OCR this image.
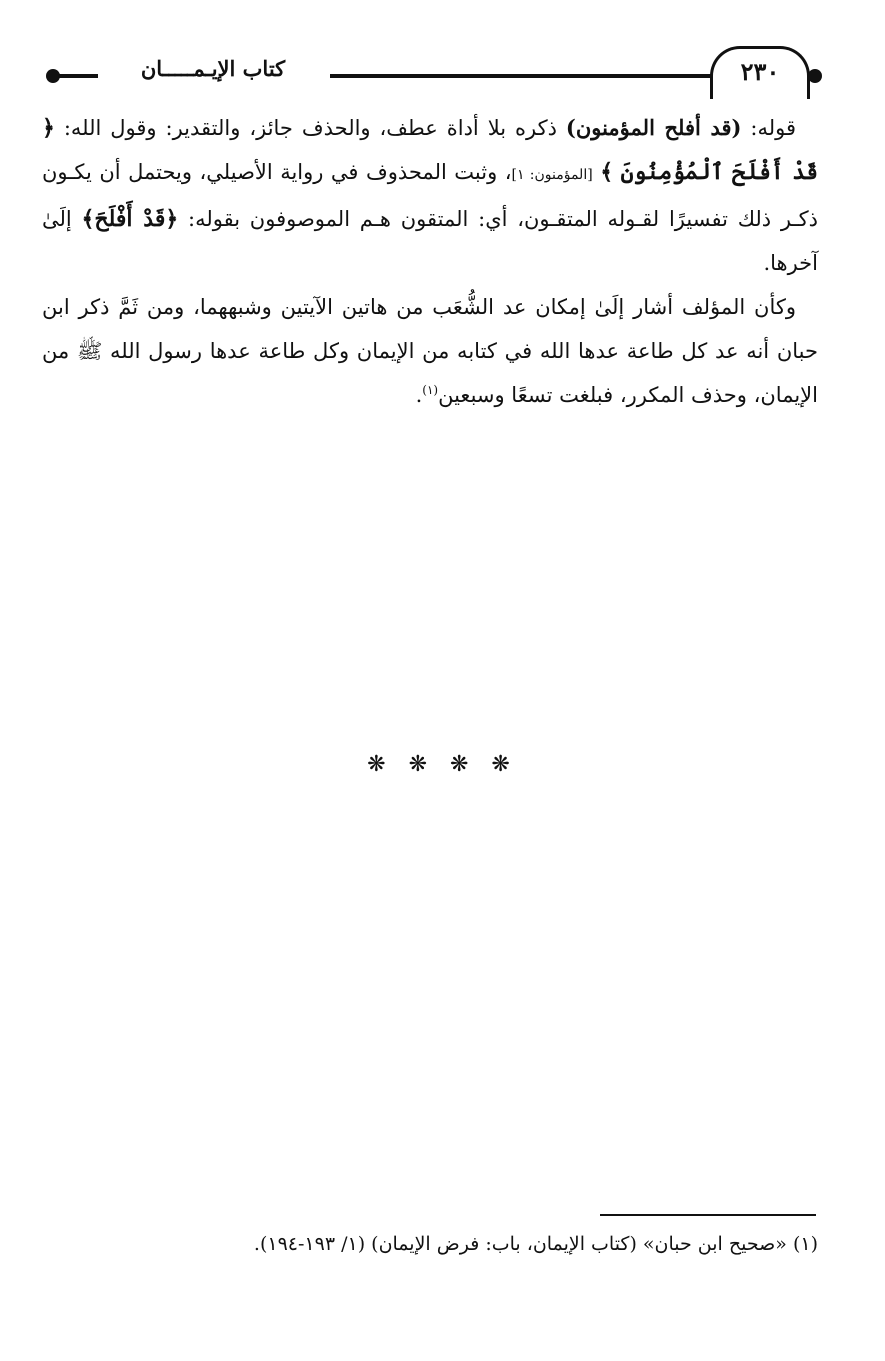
كتاب الإيـمـــــان	٢٣٠

قوله: (قد أفلح المؤمنون) ذكره بلا أداة عطف، والحذف جائز، والتقدير: وقول الله: ﴿ قَدْ أَفْلَحَ ٱلْمُؤْمِنُونَ ﴾ [المؤمنون: ١]، وثبت المحذوف في رواية الأصيلي، ويحتمل أن يكـون ذكـر ذلك تفسيرًا لقـوله المتقـون، أي: المتقون هـم الموصوفون بقوله: ﴿قَدْ أَفْلَحَ﴾ إلَىٰ آخرها.

وكأن المؤلف أشار إلَىٰ إمكان عد الشُّعَب من هاتين الآيتين وشبههما، ومن ثَمَّ ذكر ابن حبان أنه عد كل طاعة عدها الله في كتابه من الإيمان وكل طاعة عدها رسول الله ﷺ من الإيمان، وحذف المكرر، فبلغت تسعًا وسبعين$^{(١)}$.

❋ ❋ ❋ ❋
(١) «صحيح ابن حبان» (كتاب الإيمان، باب: فرض الإيمان) (١/ ١٩٣-١٩٤).
